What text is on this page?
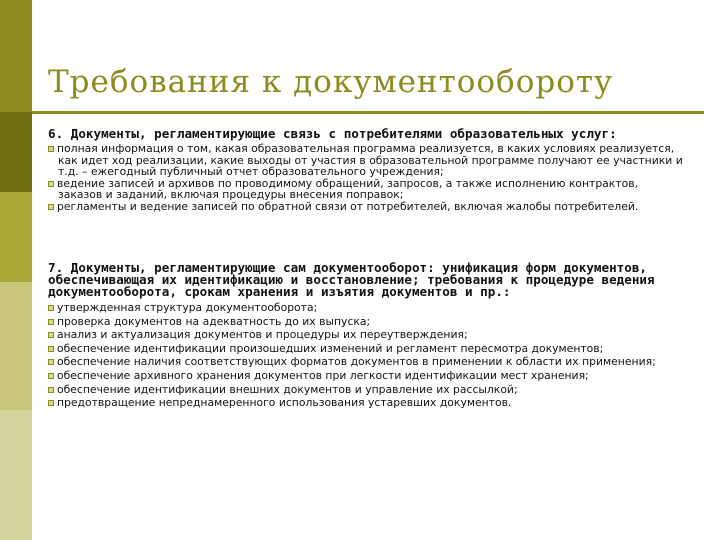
Требования к документообороту

6. Документы, регламентирующие связь с потребителями образовательных услуг:

полная информация о том, какая образовательная программа реализуется, в каких условиях реализуется, как идет ход реализации, какие выходы от участия в образовательной программе получают ее участники и т.д. – ежегодный публичный отчет образовательного учреждения;
ведение записей и архивов по проводимому обращений, запросов, а также исполнению контрактов, заказов и заданий, включая процедуры внесения поправок;
регламенты и ведение записей по обратной связи от потребителей, включая жалобы потребителей.

7. Документы, регламентирующие сам документооборот: унификация форм документов, обеспечивающая их идентификацию и восстановление; требования к процедуре ведения документооборота, срокам хранения и изъятия документов и пр.:

утвержденная структура документооборота;
проверка документов на адекватность до их выпуска;
анализ и актуализация документов и процедуры их переутверждения;
обеспечение идентификации произошедших изменений и регламент пересмотра документов;
обеспечение наличия соответствующих форматов документов в применении к области их применения;
обеспечение архивного хранения документов при легкости идентификации мест хранения;
обеспечение идентификации внешних документов и управление их рассылкой;
предотвращение непреднамеренного использования устаревших документов.
